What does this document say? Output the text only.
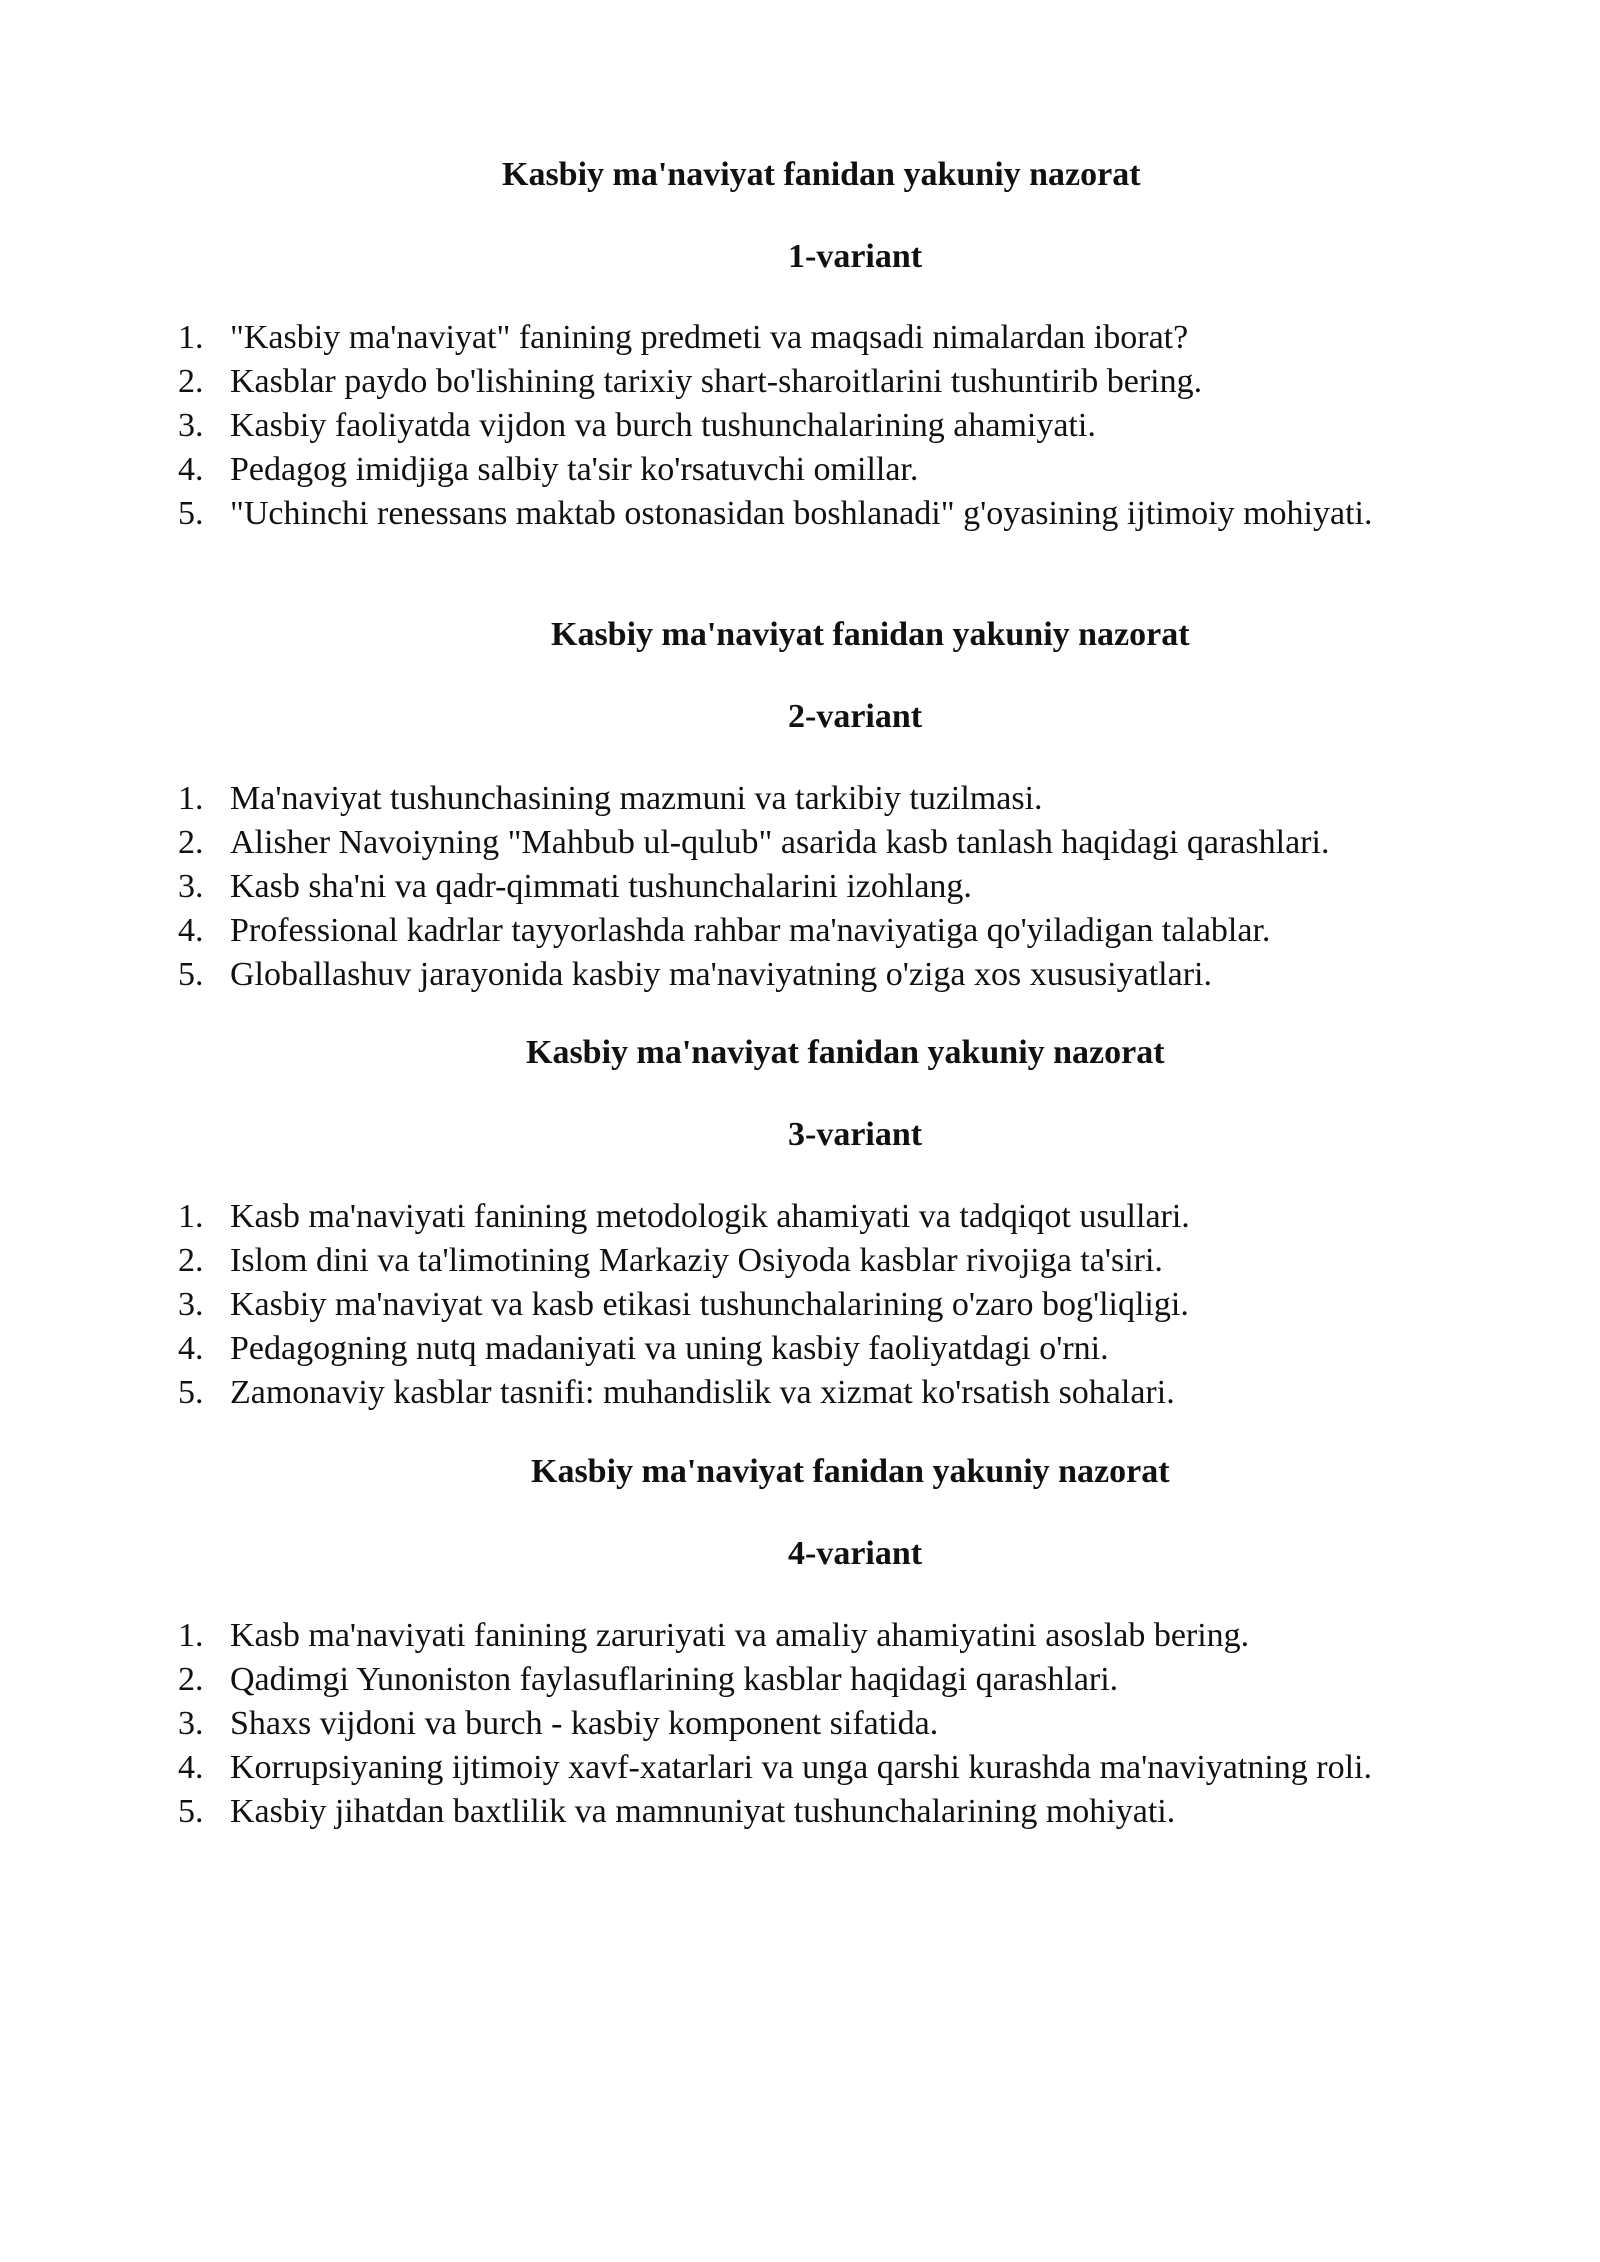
Kasbiy ma'naviyat fanidan yakuniy nazorat
1-variant
1. "Kasbiy ma'naviyat" fanining predmeti va maqsadi nimalardan iborat?
2. Kasblar paydo bo'lishining tarixiy shart-sharoitlarini tushuntirib bering.
3. Kasbiy faoliyatda vijdon va burch tushunchalarining ahamiyati.
4. Pedagog imidjiga salbiy ta'sir ko'rsatuvchi omillar.
5. "Uchinchi renessans maktab ostonasidan boshlanadi" g'oyasining ijtimoiy mohiyati.
Kasbiy ma'naviyat fanidan yakuniy nazorat
2-variant
1. Ma'naviyat tushunchasining mazmuni va tarkibiy tuzilmasi.
2. Alisher Navoiyning "Mahbub ul-qulub" asarida kasb tanlash haqidagi qarashlari.
3. Kasb sha'ni va qadr-qimmati tushunchalarini izohlang.
4. Professional kadrlar tayyorlashda rahbar ma'naviyatiga qo'yiladigan talablar.
5. Globallashuv jarayonida kasbiy ma'naviyatning o'ziga xos xususiyatlari.
Kasbiy ma'naviyat fanidan yakuniy nazorat
3-variant
1. Kasb ma'naviyati fanining metodologik ahamiyati va tadqiqot usullari.
2. Islom dini va ta'limotining Markaziy Osiyoda kasblar rivojiga ta'siri.
3. Kasbiy ma'naviyat va kasb etikasi tushunchalarining o'zaro bog'liqligi.
4. Pedagogning nutq madaniyati va uning kasbiy faoliyatdagi o'rni.
5. Zamonaviy kasblar tasnifi: muhandislik va xizmat ko'rsatish sohalari.
Kasbiy ma'naviyat fanidan yakuniy nazorat
4-variant
1. Kasb ma'naviyati fanining zaruriyati va amaliy ahamiyatini asoslab bering.
2. Qadimgi Yunoniston faylasuflarining kasblar haqidagi qarashlari.
3. Shaxs vijdoni va burch - kasbiy komponent sifatida.
4. Korrupsiyaning ijtimoiy xavf-xatarlari va unga qarshi kurashda ma'naviyatning roli.
5. Kasbiy jihatdan baxtlilik va mamnuniyat tushunchalarining mohiyati.
